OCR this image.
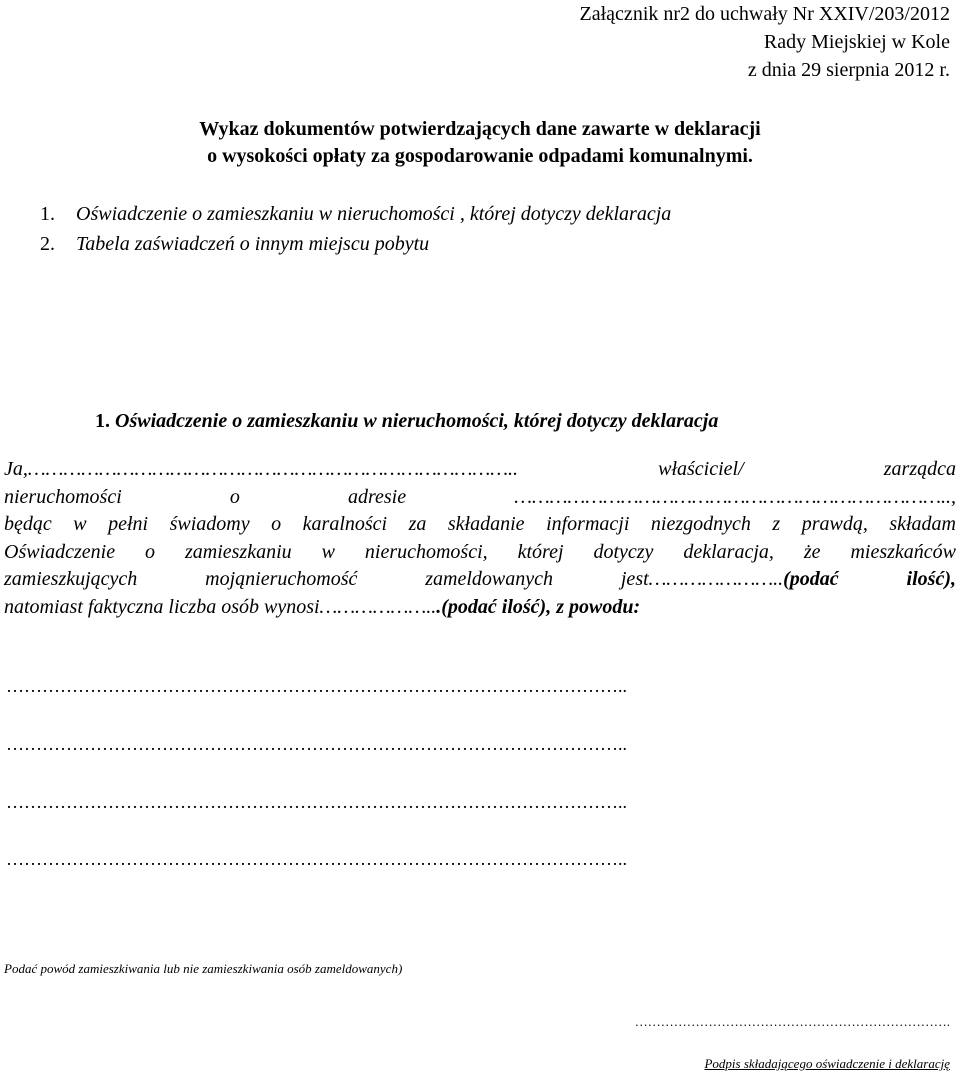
Załącznik nr2 do uchwały Nr XXIV/203/2012
Rady Miejskiej w Kole
z dnia 29 sierpnia 2012 r.
Wykaz dokumentów potwierdzających dane zawarte w deklaracji
o wysokości opłaty za gospodarowanie odpadami komunalnymi.
1. Oświadczenie o zamieszkaniu w nieruchomości , której dotyczy deklaracja
2. Tabela zaświadczeń o innym miejscu pobytu
1. Oświadczenie o zamieszkaniu w nieruchomości, której dotyczy deklaracja

Ja,……………………………………………………………………….. właściciel/ zarządca

nieruchomości o adresie ………………………………………………………………..,

będąc w pełni świadomy o karalności za składanie informacji niezgodnych z prawdą, składam

Oświadczenie o zamieszkaniu w nieruchomości, której dotyczy deklaracja, że mieszkańców

zamieszkujących mojąnieruchomość zameldowanych jest…………………..(podać ilość),

natomiast faktyczna liczba osób wynosi………………...(podać ilość), z powodu:

…………………………………………………………………………………………..
…………………………………………………………………………………………..
…………………………………………………………………………………………..
…………………………………………………………………………………………..
Podać powód zamieszkiwania lub nie zamieszkiwania osób zameldowanych)
……………………………………………………………….
Podpis składającego oświadczenie i deklarację
